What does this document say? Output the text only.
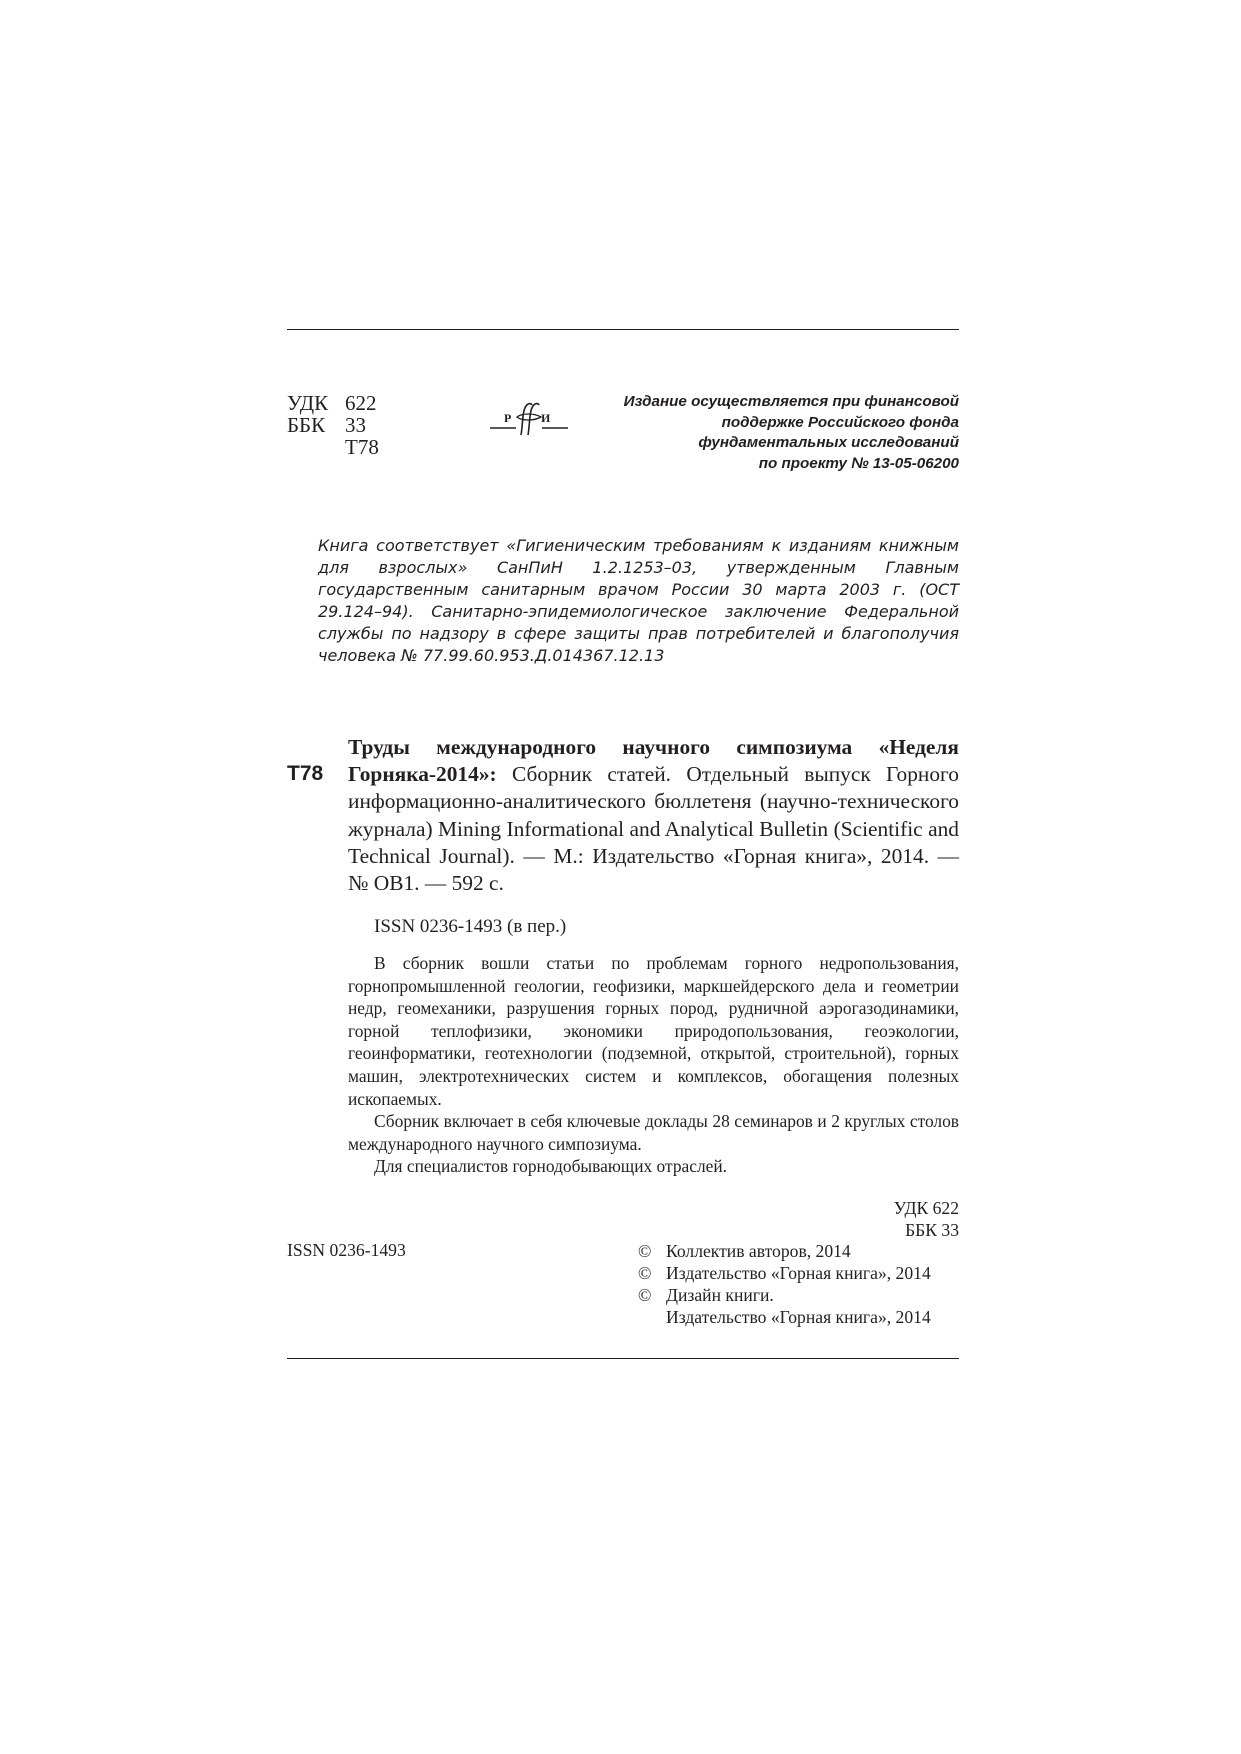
УДК 622
ББК 33
Т78
Р И
Издание осуществляется при финансовой
поддержке Российского фонда
фундаментальных исследований
по проекту № 13-05-06200

Книга соответствует «Гигиеническим требованиям к изданиям книжным для взрослых» СанПиН 1.2.1253–03, утвержденным Главным государственным санитарным врачом России 30 марта 2003 г. (ОСТ 29.124–94). Санитарно-эпидемиологическое заключение Федеральной службы по надзору в сфере защиты прав потребителей и благополучия человека № 77.99.60.953.Д.014367.12.13

Т78
Труды международного научного симпозиума «Неделя Горняка-2014»: Сборник статей. Отдельный выпуск Горного информационно-аналитического бюллетеня (научно-технического журнала) Mining Informational and Analytical Bulletin (Scientific and Technical Journal). — М.: Издательство «Горная книга», 2014. — № ОВ1. — 592 с.
ISSN 0236-1493 (в пер.)

В сборник вошли статьи по проблемам горного недропользования, горнопромышленной геологии, геофизики, маркшейдерского дела и геометрии недр, геомеханики, разрушения горных пород, рудничной аэрогазодинамики, горной теплофизики, экономики природопользования, геоэкологии, геоинформатики, геотехнологии (подземной, открытой, строительной), горных машин, электротехнических систем и комплексов, обогащения полезных ископаемых.

Сборник включает в себя ключевые доклады 28 семинаров и 2 круглых столов международного научного симпозиума.

Для специалистов горнодобывающих отраслей.

УДК 622
ББК 33
ISSN 0236-1493	© Коллектив авторов, 2014
© Издательство «Горная книга», 2014
© Дизайн книги.
Издательство «Горная книга», 2014
